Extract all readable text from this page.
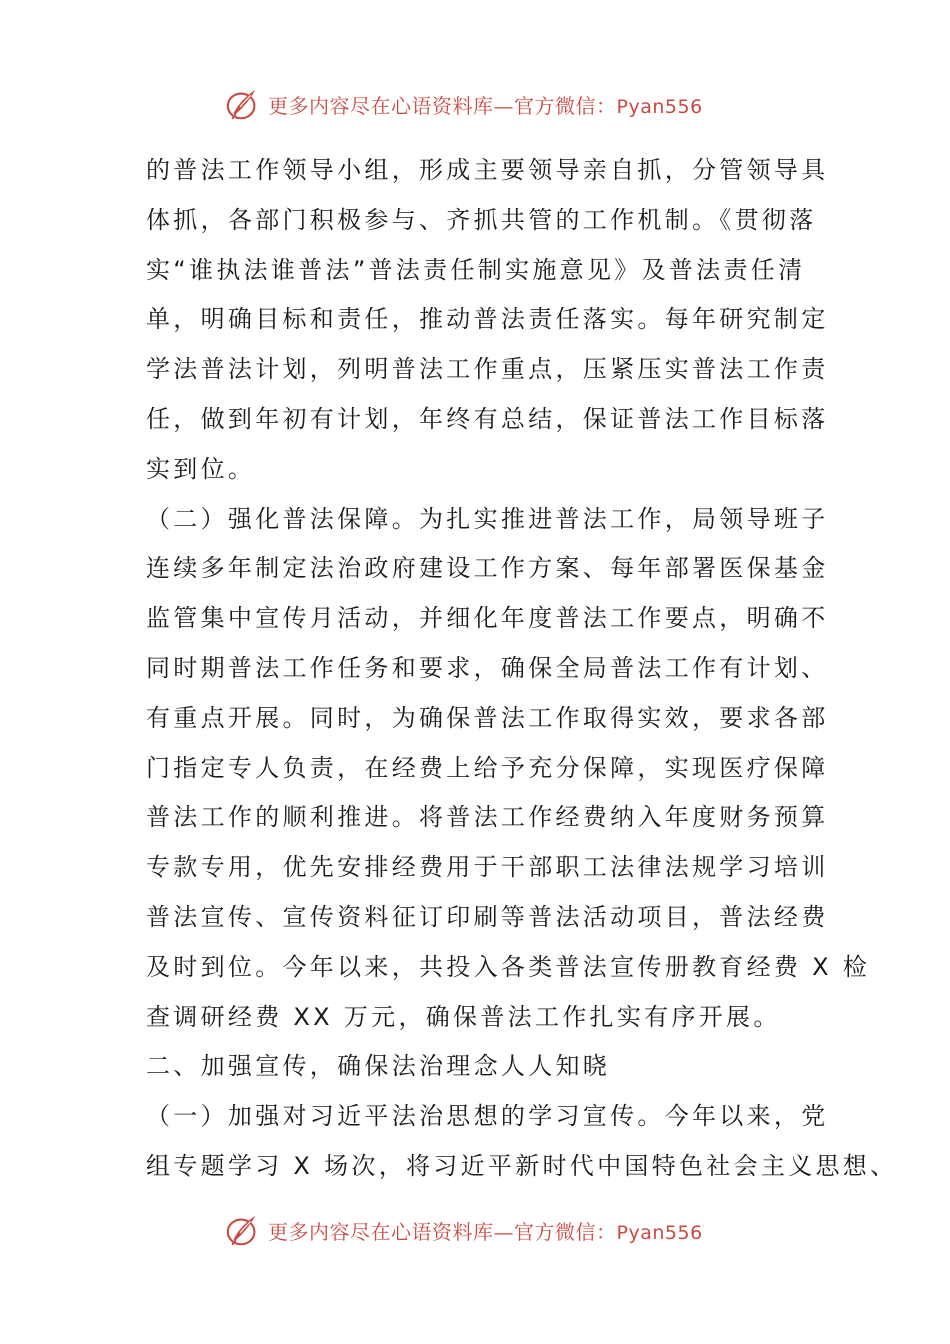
更多内容尽在心语资料库—官方微信：Pyan556
的普法工作领导小组，形成主要领导亲自抓，分管领导具
体抓，各部门积极参与、齐抓共管的工作机制。《贯彻落
实“谁执法谁普法”普法责任制实施意见》及普法责任清
单，明确目标和责任，推动普法责任落实。每年研究制定
学法普法计划，列明普法工作重点，压紧压实普法工作责
任，做到年初有计划，年终有总结，保证普法工作目标落
实到位。
（二）强化普法保障。为扎实推进普法工作，局领导班子
连续多年制定法治政府建设工作方案、每年部署医保基金
监管集中宣传月活动，并细化年度普法工作要点，明确不
同时期普法工作任务和要求，确保全局普法工作有计划、
有重点开展。同时，为确保普法工作取得实效，要求各部
门指定专人负责，在经费上给予充分保障，实现医疗保障
普法工作的顺利推进。将普法工作经费纳入年度财务预算
专款专用，优先安排经费用于干部职工法律法规学习培训
普法宣传、宣传资料征订印刷等普法活动项目，普法经费
及时到位。今年以来，共投入各类普法宣传册教育经费 X 检
查调研经费 XX 万元，确保普法工作扎实有序开展。
二、加强宣传，确保法治理念人人知晓
（一）加强对习近平法治思想的学习宣传。今年以来，党
组专题学习 X 场次，将习近平新时代中国特色社会主义思想、
更多内容尽在心语资料库—官方微信：Pyan556
